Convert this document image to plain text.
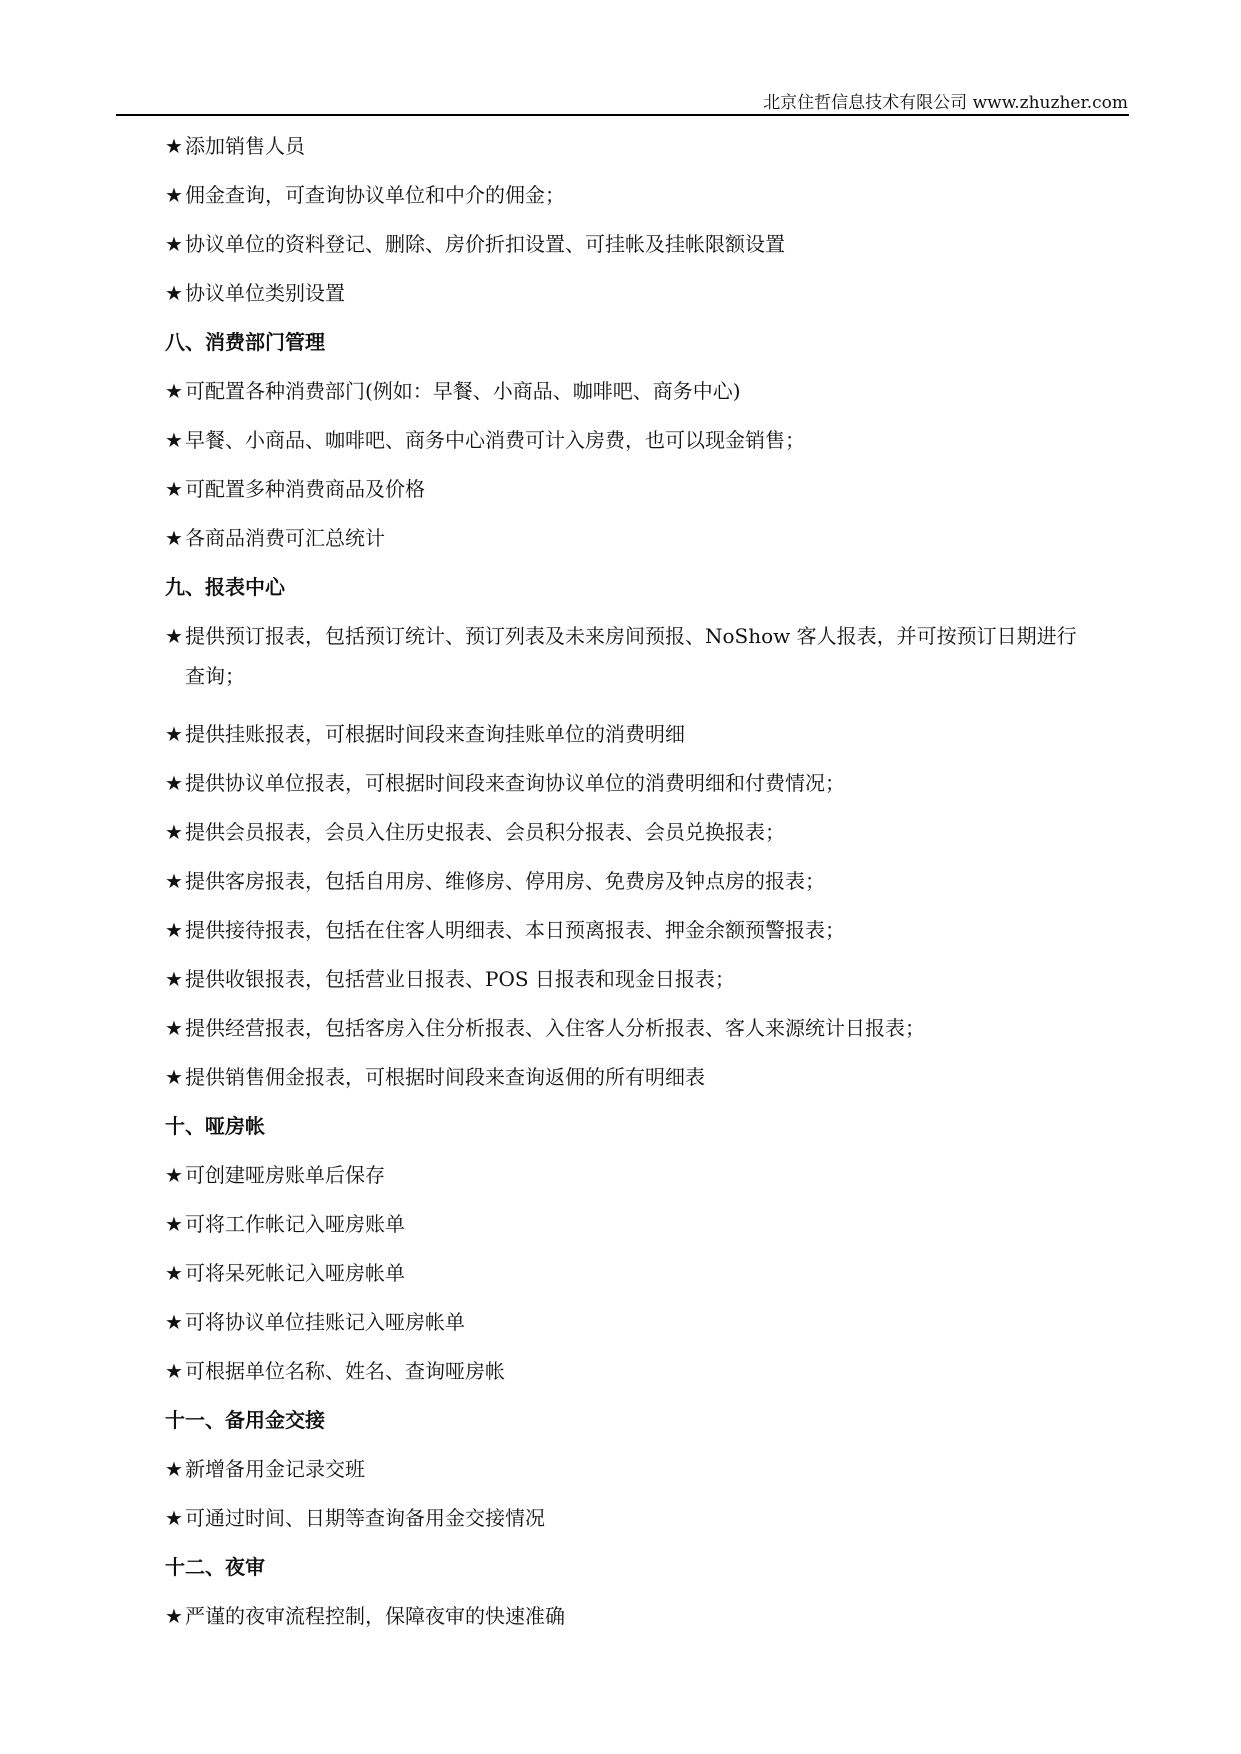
北京住哲信息技术有限公司 www.zhuzher.com
★ 添加销售人员
★ 佣金查询，可查询协议单位和中介的佣金；
★ 协议单位的资料登记、删除、房价折扣设置、可挂帐及挂帐限额设置
★ 协议单位类别设置
八、消费部门管理
★ 可配置各种消费部门(例如：早餐、小商品、咖啡吧、商务中心)
★ 早餐、小商品、咖啡吧、商务中心消费可计入房费，也可以现金销售；
★ 可配置多种消费商品及价格
★ 各商品消费可汇总统计
九、报表中心
★ 提供预订报表，包括预订统计、预订列表及未来房间预报、NoShow 客人报表，并可按预订日期进行
查询；
★ 提供挂账报表，可根据时间段来查询挂账单位的消费明细
★ 提供协议单位报表，可根据时间段来查询协议单位的消费明细和付费情况；
★ 提供会员报表，会员入住历史报表、会员积分报表、会员兑换报表；
★ 提供客房报表，包括自用房、维修房、停用房、免费房及钟点房的报表；
★ 提供接待报表，包括在住客人明细表、本日预离报表、押金余额预警报表；
★ 提供收银报表，包括营业日报表、POS 日报表和现金日报表；
★ 提供经营报表，包括客房入住分析报表、入住客人分析报表、客人来源统计日报表；
★ 提供销售佣金报表，可根据时间段来查询返佣的所有明细表
十、哑房帐
★ 可创建哑房账单后保存
★ 可将工作帐记入哑房账单
★ 可将呆死帐记入哑房帐单
★ 可将协议单位挂账记入哑房帐单
★ 可根据单位名称、姓名、查询哑房帐
十一、备用金交接
★ 新增备用金记录交班
★ 可通过时间、日期等查询备用金交接情况
十二、夜审
★ 严谨的夜审流程控制，保障夜审的快速准确
